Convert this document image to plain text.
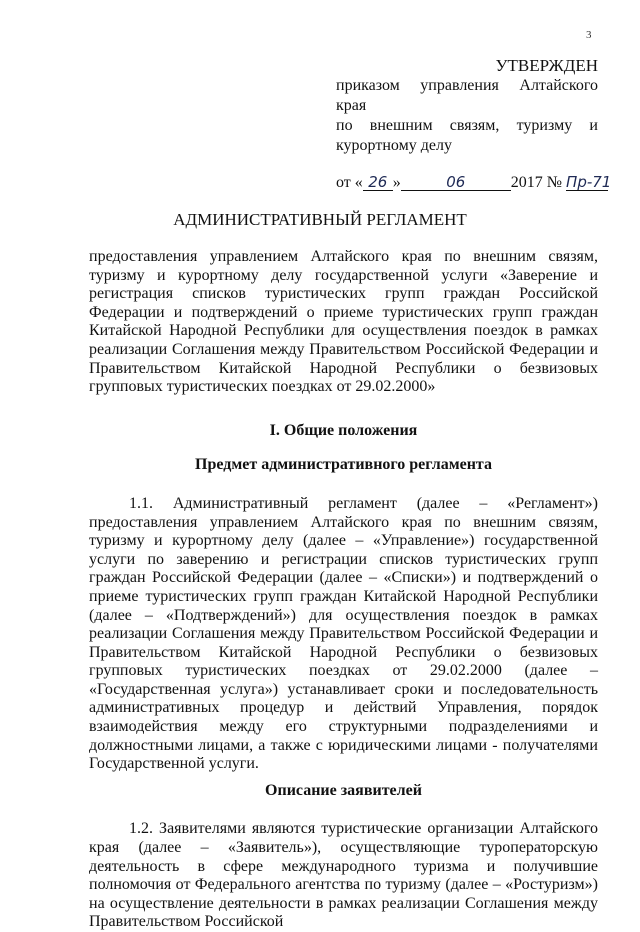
3
УТВЕРЖДЕН
приказом управления Алтайского края
по внешним связям, туризму и
курортному делу
от « 26 »	06	2017 № Пр-71
АДМИНИСТРАТИВНЫЙ РЕГЛАМЕНТ

предоставления управлением Алтайского края по внешним связям, туризму и курортному делу государственной услуги «Заверение и регистрация списков туристических групп граждан Российской Федерации и подтверждений о приеме туристических групп граждан Китайской Народной Республики для осуществления поездок в рамках реализации Соглашения между Правительством Российской Федерации и Правительством Китайской Народной Республики о безвизовых групповых туристических поездках от 29.02.2000»

I. Общие положения

Предмет административного регламента

1.1. Административный регламент (далее – «Регламент») предоставления управлением Алтайского края по внешним связям, туризму и курортному делу (далее – «Управление») государственной услуги по заверению и регистрации списков туристических групп граждан Российской Федерации (далее – «Списки») и подтверждений о приеме туристических групп граждан Китайской Народной Республики (далее – «Подтверждений») для осуществления поездок в рамках реализации Соглашения между Правительством Российской Федерации и Правительством Китайской Народной Республики о безвизовых групповых туристических поездках от 29.02.2000 (далее – «Государственная услуга») устанавливает сроки и последовательность административных процедур и действий Управления, порядок взаимодействия между его структурными подразделениями и должностными лицами, а также с юридическими лицами - получателями Государственной услуги.

Описание заявителей

1.2. Заявителями являются туристические организации Алтайского края (далее – «Заявитель»), осуществляющие туроператорскую деятельность в сфере международного туризма и получившие полномочия от Федерального агентства по туризму (далее – «Ростуризм») на осуществление деятельности в рамках реализации Соглашения между Правительством Российской
